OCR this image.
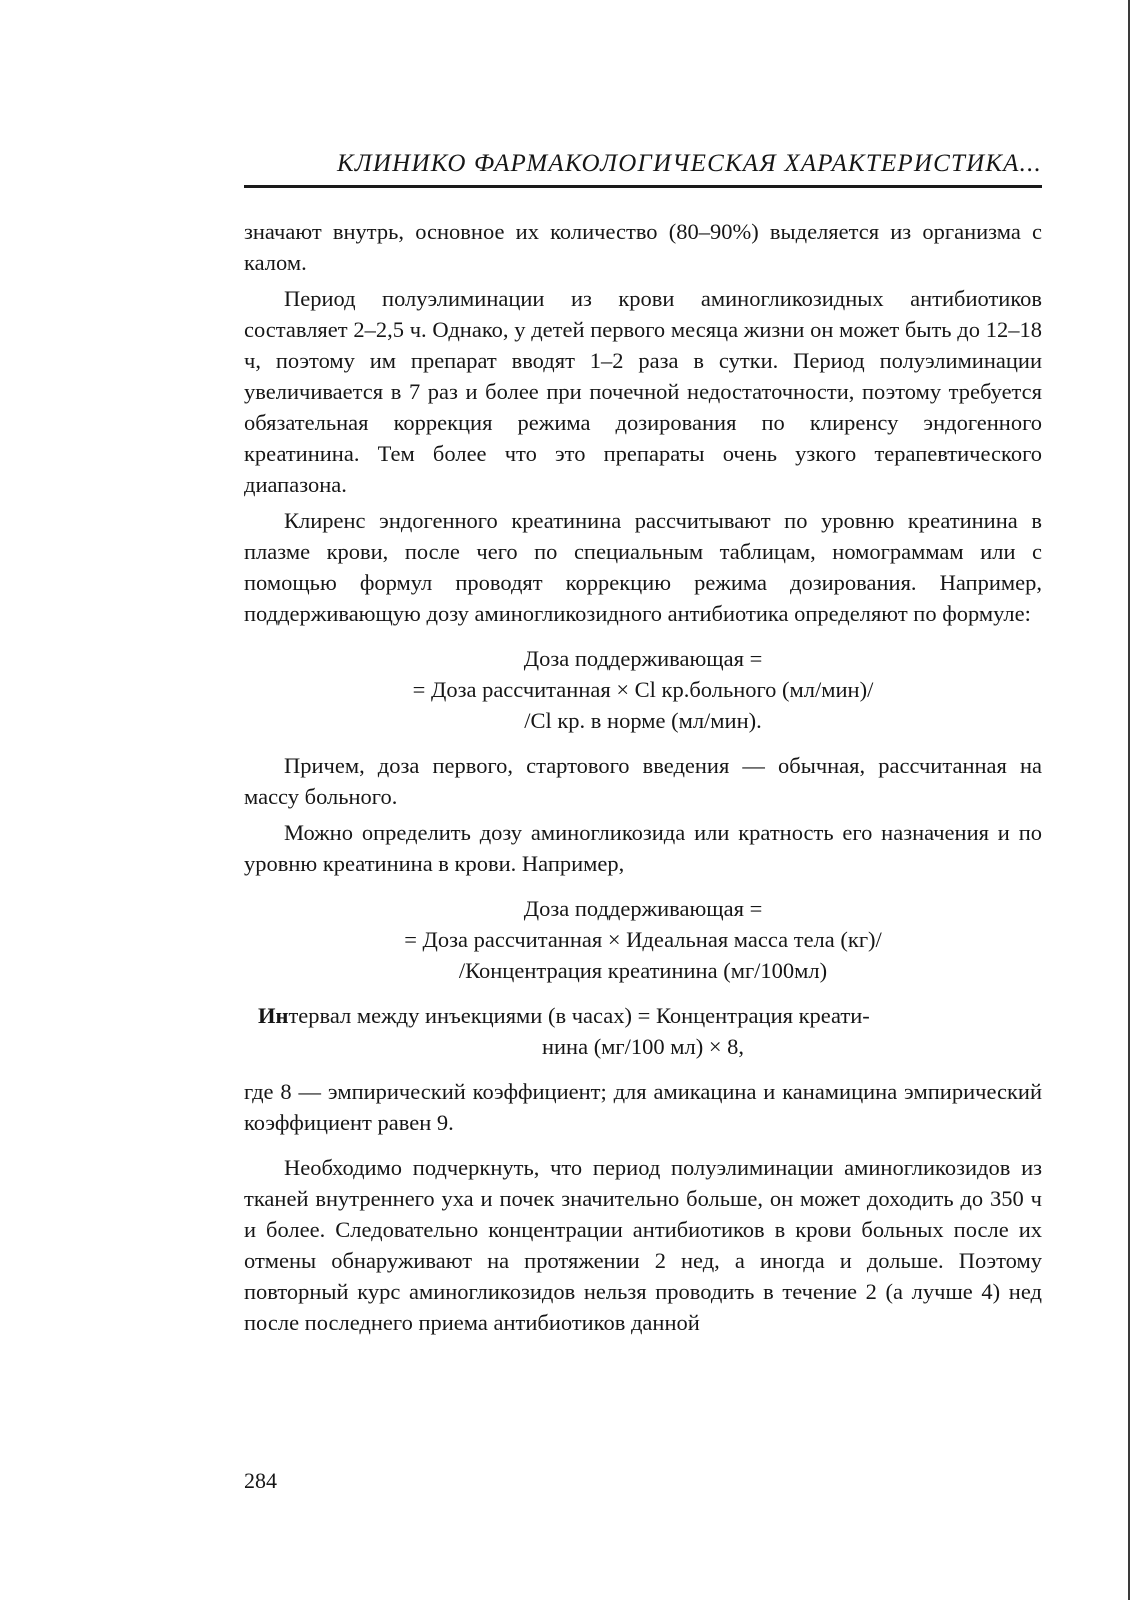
КЛИНИКО ФАРМАКОЛОГИЧЕСКАЯ ХАРАКТЕРИСТИКА...

значают внутрь, основное их количество (80–90%) выделяется из организма с калом.

Период полуэлиминации из крови аминогликозидных антибиотиков составляет 2–2,5 ч. Однако, у детей первого месяца жизни он может быть до 12–18 ч, поэтому им препарат вводят 1–2 раза в сутки. Период полуэлиминации увеличивается в 7 раз и более при почечной недостаточности, поэтому требуется обязательная коррекция режима дозирования по клиренсу эндогенного креатинина. Тем более что это препараты очень узкого терапевтического диапазона.

Клиренс эндогенного креатинина рассчитывают по уровню креатинина в плазме крови, после чего по специальным таблицам, номограммам или с помощью формул проводят коррекцию режима дозирования. Например, поддерживающую дозу аминогликозидного антибиотика определяют по формуле:

Доза поддерживающая =
= Доза рассчитанная × Cl кр.больного (мл/мин)/
/Cl кр. в норме (мл/мин).

Причем, доза первого, стартового введения — обычная, рассчитанная на массу больного.

Можно определить дозу аминогликозида или кратность его назначения и по уровню креатинина в крови. Например,

Доза поддерживающая =
= Доза рассчитанная × Идеальная масса тела (кг)/
/Концентрация креатинина (мг/100мл)
Интервал между инъекциями (в часах) = Концентрация креати-
нина (мг/100 мл) × 8,

где 8 — эмпирический коэффициент; для амикацина и канамицина эмпирический коэффициент равен 9.

Необходимо подчеркнуть, что период полуэлиминации аминогликозидов из тканей внутреннего уха и почек значительно больше, он может доходить до 350 ч и более. Следовательно концентрации антибиотиков в крови больных после их отмены обнаруживают на протяжении 2 нед, а иногда и дольше. Поэтому повторный курс аминогликозидов нельзя проводить в течение 2 (а лучше 4) нед после последнего приема антибиотиков данной

284
